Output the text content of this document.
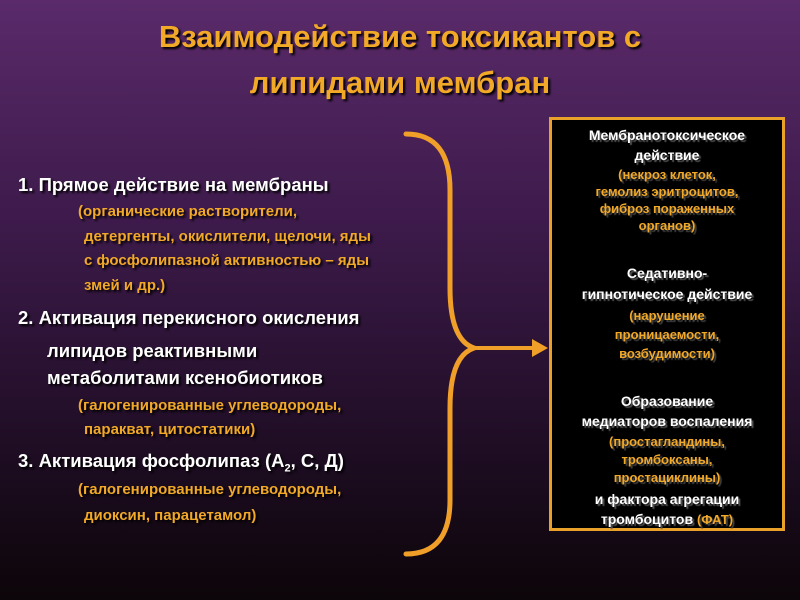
Взаимодействие токсикантов с
липидами мембран
1. Прямое действие на мембраны
(органические растворители,
детергенты, окислители, щелочи, яды
с фосфолипазной активностью – яды
змей и др.)
2. Активация перекисного окисления
липидов реактивными
метаболитами ксенобиотиков
(галогенированные углеводороды,
паракват, цитостатики)
3. Активация фосфолипаз ($А_2$, С, Д)
(галогенированные углеводороды,
диоксин, парацетамол)
Мембранотоксическое
действие
(некроз клеток,
гемолиз эритроцитов,
фиброз пораженных
органов)
Седативно-
гипнотическое действие
(нарушение
проницаемости,
возбудимости)
Образование
медиаторов воспаления
(простагландины,
тромбоксаны,
простациклины)
и фактора агрегации
тромбоцитов (ФАТ)
